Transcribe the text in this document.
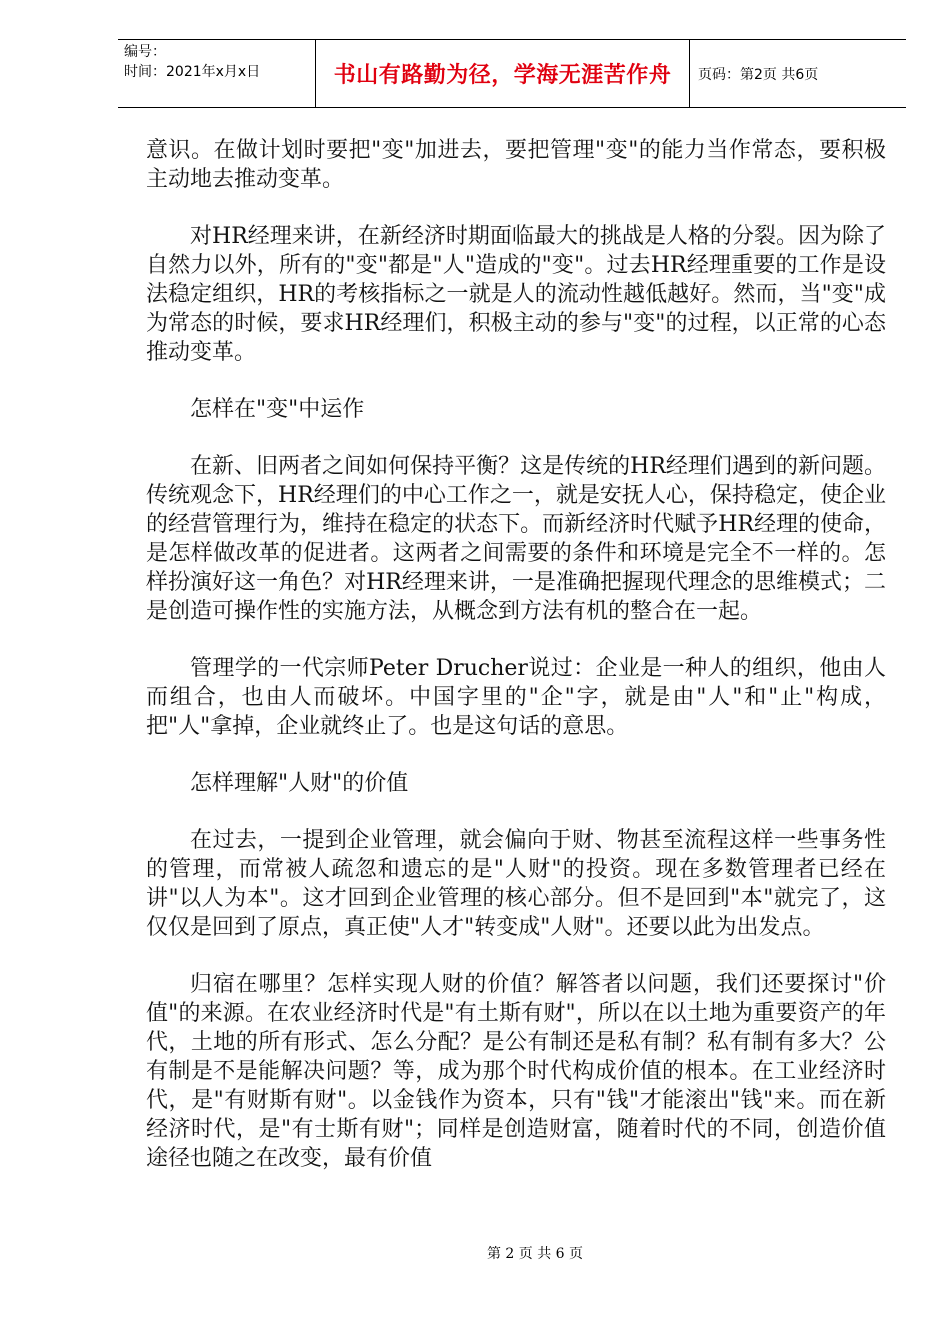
编号：
时间：2021年x月x日	书山有路勤为径，学海无涯苦作舟	页码：第2页 共6页

意识。在做计划时要把"变"加进去，要把管理"变"的能力当作常态，要积极主动地去推动变革。

对HR经理来讲，在新经济时期面临最大的挑战是人格的分裂。因为除了自然力以外，所有的"变"都是"人"造成的"变"。过去HR经理重要的工作是设法稳定组织，HR的考核指标之一就是人的流动性越低越好。然而，当"变"成为常态的时候，要求HR经理们，积极主动的参与"变"的过程，以正常的心态推动变革。

怎样在"变"中运作

在新、旧两者之间如何保持平衡？这是传统的HR经理们遇到的新问题。传统观念下，HR经理们的中心工作之一，就是安抚人心，保持稳定，使企业的经营管理行为，维持在稳定的状态下。而新经济时代赋予HR经理的使命，是怎样做改革的促进者。这两者之间需要的条件和环境是完全不一样的。怎样扮演好这一角色？对HR经理来讲，一是准确把握现代理念的思维模式；二是创造可操作性的实施方法，从概念到方法有机的整合在一起。

管理学的一代宗师Peter Drucher说过：企业是一种人的组织，他由人而组合，也由人而破坏。中国字里的"企"字，就是由"人"和"止"构成，把"人"拿掉，企业就终止了。也是这句话的意思。

怎样理解"人财"的价值

在过去，一提到企业管理，就会偏向于财、物甚至流程这样一些事务性的管理，而常被人疏忽和遗忘的是"人财"的投资。现在多数管理者已经在讲"以人为本"。这才回到企业管理的核心部分。但不是回到"本"就完了，这仅仅是回到了原点，真正使"人才"转变成"人财"。还要以此为出发点。

归宿在哪里？怎样实现人财的价值？解答者以问题，我们还要探讨"价值"的来源。在农业经济时代是"有土斯有财"，所以在以土地为重要资产的年代，土地的所有形式、怎么分配？是公有制还是私有制？私有制有多大？公有制是不是能解决问题？等，成为那个时代构成价值的根本。在工业经济时代，是"有财斯有财"。以金钱作为资本，只有"钱"才能滚出"钱"来。而在新经济时代，是"有士斯有财"；同样是创造财富，随着时代的不同，创造价值途径也随之在改变，最有价值

第 2 页 共 6 页
